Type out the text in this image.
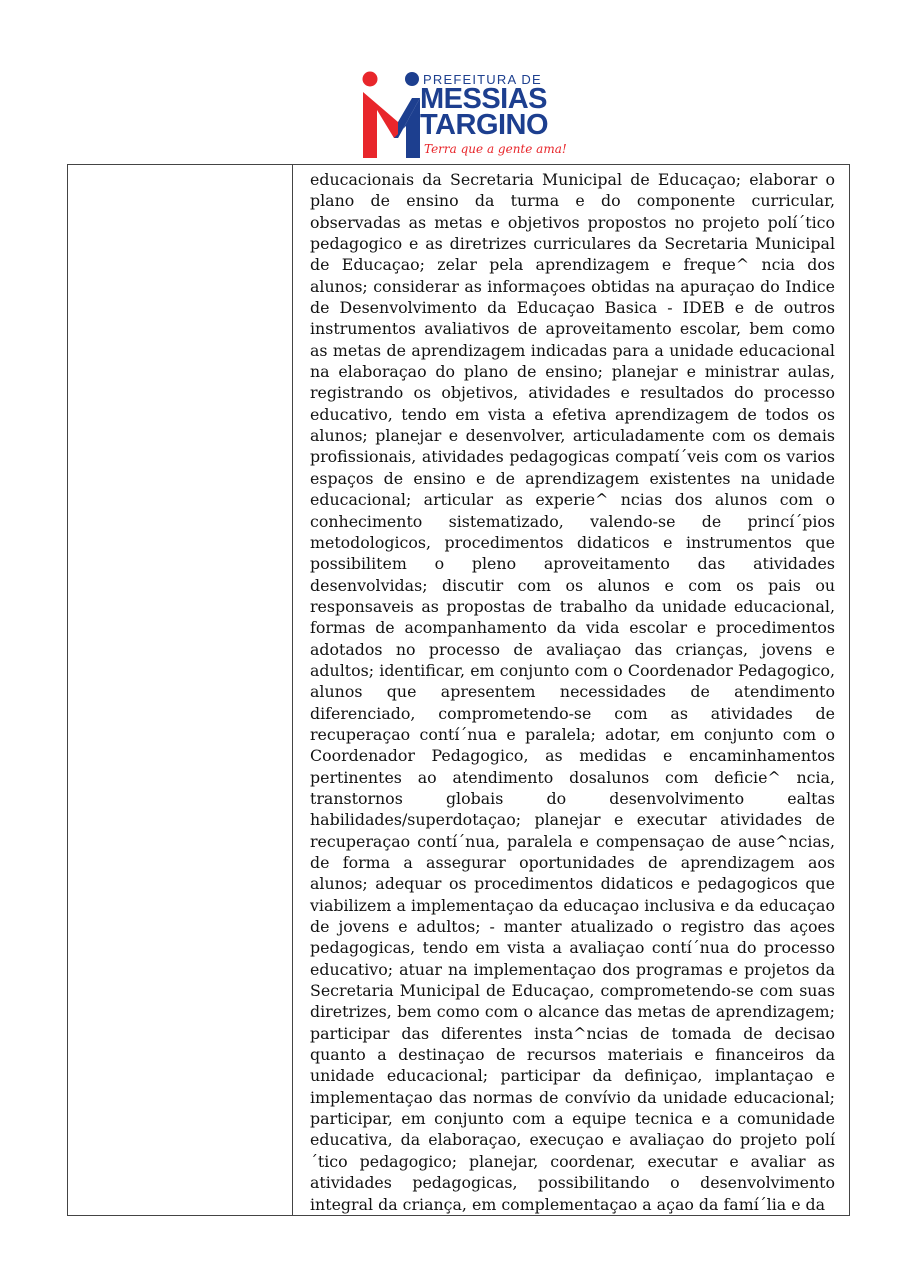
PREFEITURA DE
MESSIAS
TARGINO
Terra que a gente ama!

educacionais da Secretaria Municipal de Educaçao; elaborar o plano de ensino da turma e do componente curricular, observadas as metas e objetivos propostos no projeto polí´tico pedagogico e as diretrizes curriculares da Secretaria Municipal de Educaçao; zelar pela aprendizagem e freque^ ncia dos alunos; considerar as informaçoes obtidas na apuraçao do Indice de Desenvolvimento da Educaçao Basica - IDEB e de outros instrumentos avaliativos de aproveitamento escolar, bem como as metas de aprendizagem indicadas para a unidade educacional na elaboraçao do plano de ensino; planejar e ministrar aulas, registrando os objetivos, atividades e resultados do processo educativo, tendo em vista a efetiva aprendizagem de todos os alunos; planejar e desenvolver, articuladamente com os demais profissionais, atividades pedagogicas compatí´veis com os varios espaços de ensino e de aprendizagem existentes na unidade educacional; articular as experie^ ncias dos alunos com o conhecimento sistematizado, valendo-se de princí´pios metodologicos, procedimentos didaticos e instrumentos que possibilitem o pleno aproveitamento das atividades desenvolvidas; discutir com os alunos e com os pais ou responsaveis as propostas de trabalho da unidade educacional, formas de acompanhamento da vida escolar e procedimentos adotados no processo de avaliaçao das crianças, jovens e adultos; identificar, em conjunto com o Coordenador Pedagogico, alunos que apresentem necessidades de atendimento diferenciado, comprometendo-se com as atividades de recuperaçao contí´nua e paralela; adotar, em conjunto com o Coordenador Pedagogico, as medidas e encaminhamentos pertinentes ao atendimento dosalunos com deficie^ ncia, transtornos globais do desenvolvimento ealtas habilidades/superdotaçao; planejar e executar atividades de recuperaçao contí´nua, paralela e compensaçao de ause^ncias, de forma a assegurar oportunidades de aprendizagem aos alunos; adequar os procedimentos didaticos e pedagogicos que viabilizem a implementaçao da educaçao inclusiva e da educaçao de jovens e adultos; - manter atualizado o registro das açoes pedagogicas, tendo em vista a avaliaçao contí´nua do processo educativo; atuar na implementaçao dos programas e projetos da Secretaria Municipal de Educaçao, comprometendo-se com suas diretrizes, bem como com o alcance das metas de aprendizagem; participar das diferentes insta^ncias de tomada de decisao quanto a destinaçao de recursos materiais e financeiros da unidade educacional; participar da definiçao, implantaçao e implementaçao das normas de convívio da unidade educacional; participar, em conjunto com a equipe tecnica e a comunidade educativa, da elaboraçao, execuçao e avaliaçao do projeto polí´tico pedagogico; planejar, coordenar, executar e avaliar as atividades pedagogicas, possibilitando o desenvolvimento integral da criança, em complementaçao a açao da famí´lia e da
